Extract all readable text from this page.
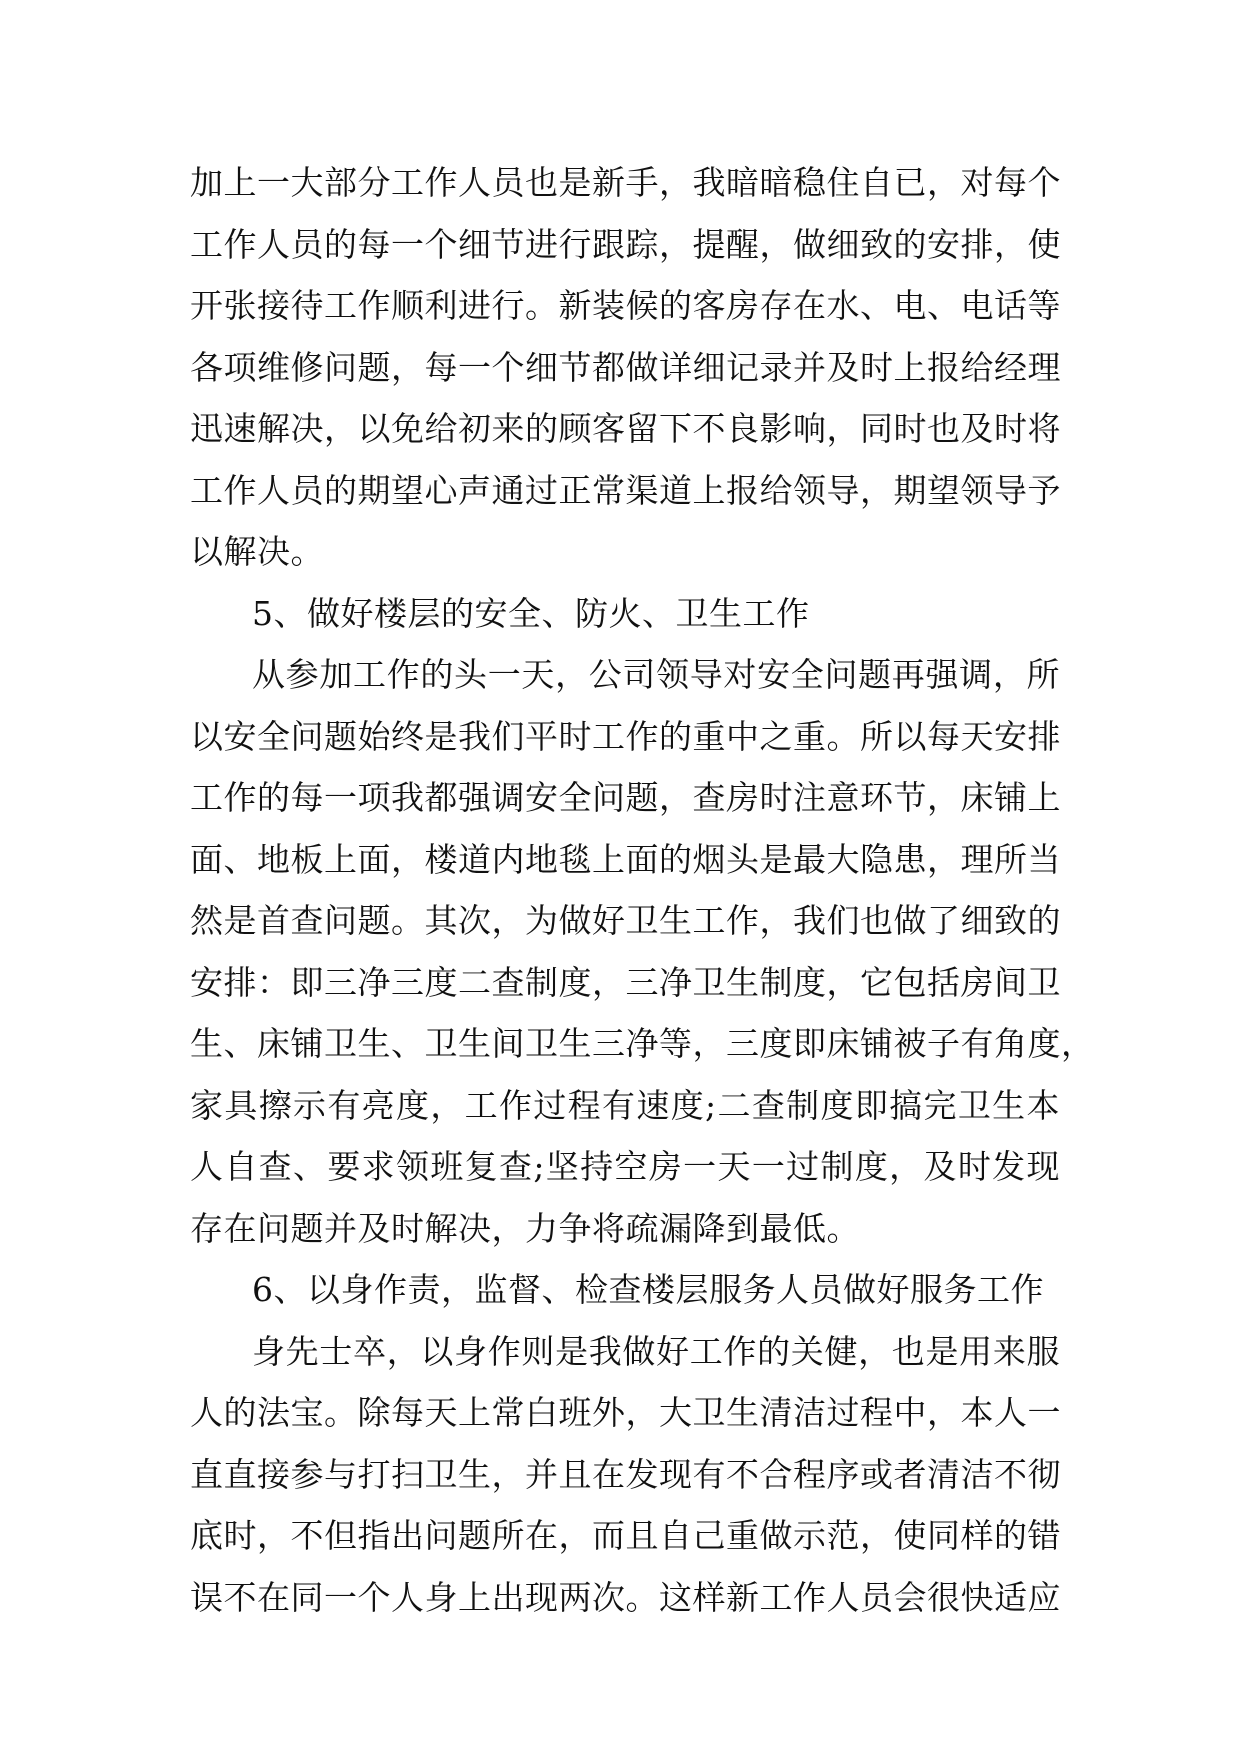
加上一大部分工作人员也是新手，我暗暗稳住自已，对每个
工作人员的每一个细节进行跟踪，提醒，做细致的安排，使
开张接待工作顺利进行。新装候的客房存在水、电、电话等
各项维修问题，每一个细节都做详细记录并及时上报给经理
迅速解决，以免给初来的顾客留下不良影响，同时也及时将
工作人员的期望心声通过正常渠道上报给领导，期望领导予
以解决。
5、做好楼层的安全、防火、卫生工作
从参加工作的头一天，公司领导对安全问题再强调，所
以安全问题始终是我们平时工作的重中之重。所以每天安排
工作的每一项我都强调安全问题，查房时注意环节，床铺上
面、地板上面，楼道内地毯上面的烟头是最大隐患，理所当
然是首查问题。其次，为做好卫生工作，我们也做了细致的
安排：即三净三度二查制度，三净卫生制度，它包括房间卫
生、床铺卫生、卫生间卫生三净等，三度即床铺被子有角度，
家具擦示有亮度，工作过程有速度;二查制度即搞完卫生本
人自查、要求领班复查;坚持空房一天一过制度，及时发现
存在问题并及时解决，力争将疏漏降到最低。
6、以身作责，监督、检查楼层服务人员做好服务工作
身先士卒，以身作则是我做好工作的关健，也是用来服
人的法宝。除每天上常白班外，大卫生清洁过程中，本人一
直直接参与打扫卫生，并且在发现有不合程序或者清洁不彻
底时，不但指出问题所在，而且自己重做示范，使同样的错
误不在同一个人身上出现两次。这样新工作人员会很快适应
